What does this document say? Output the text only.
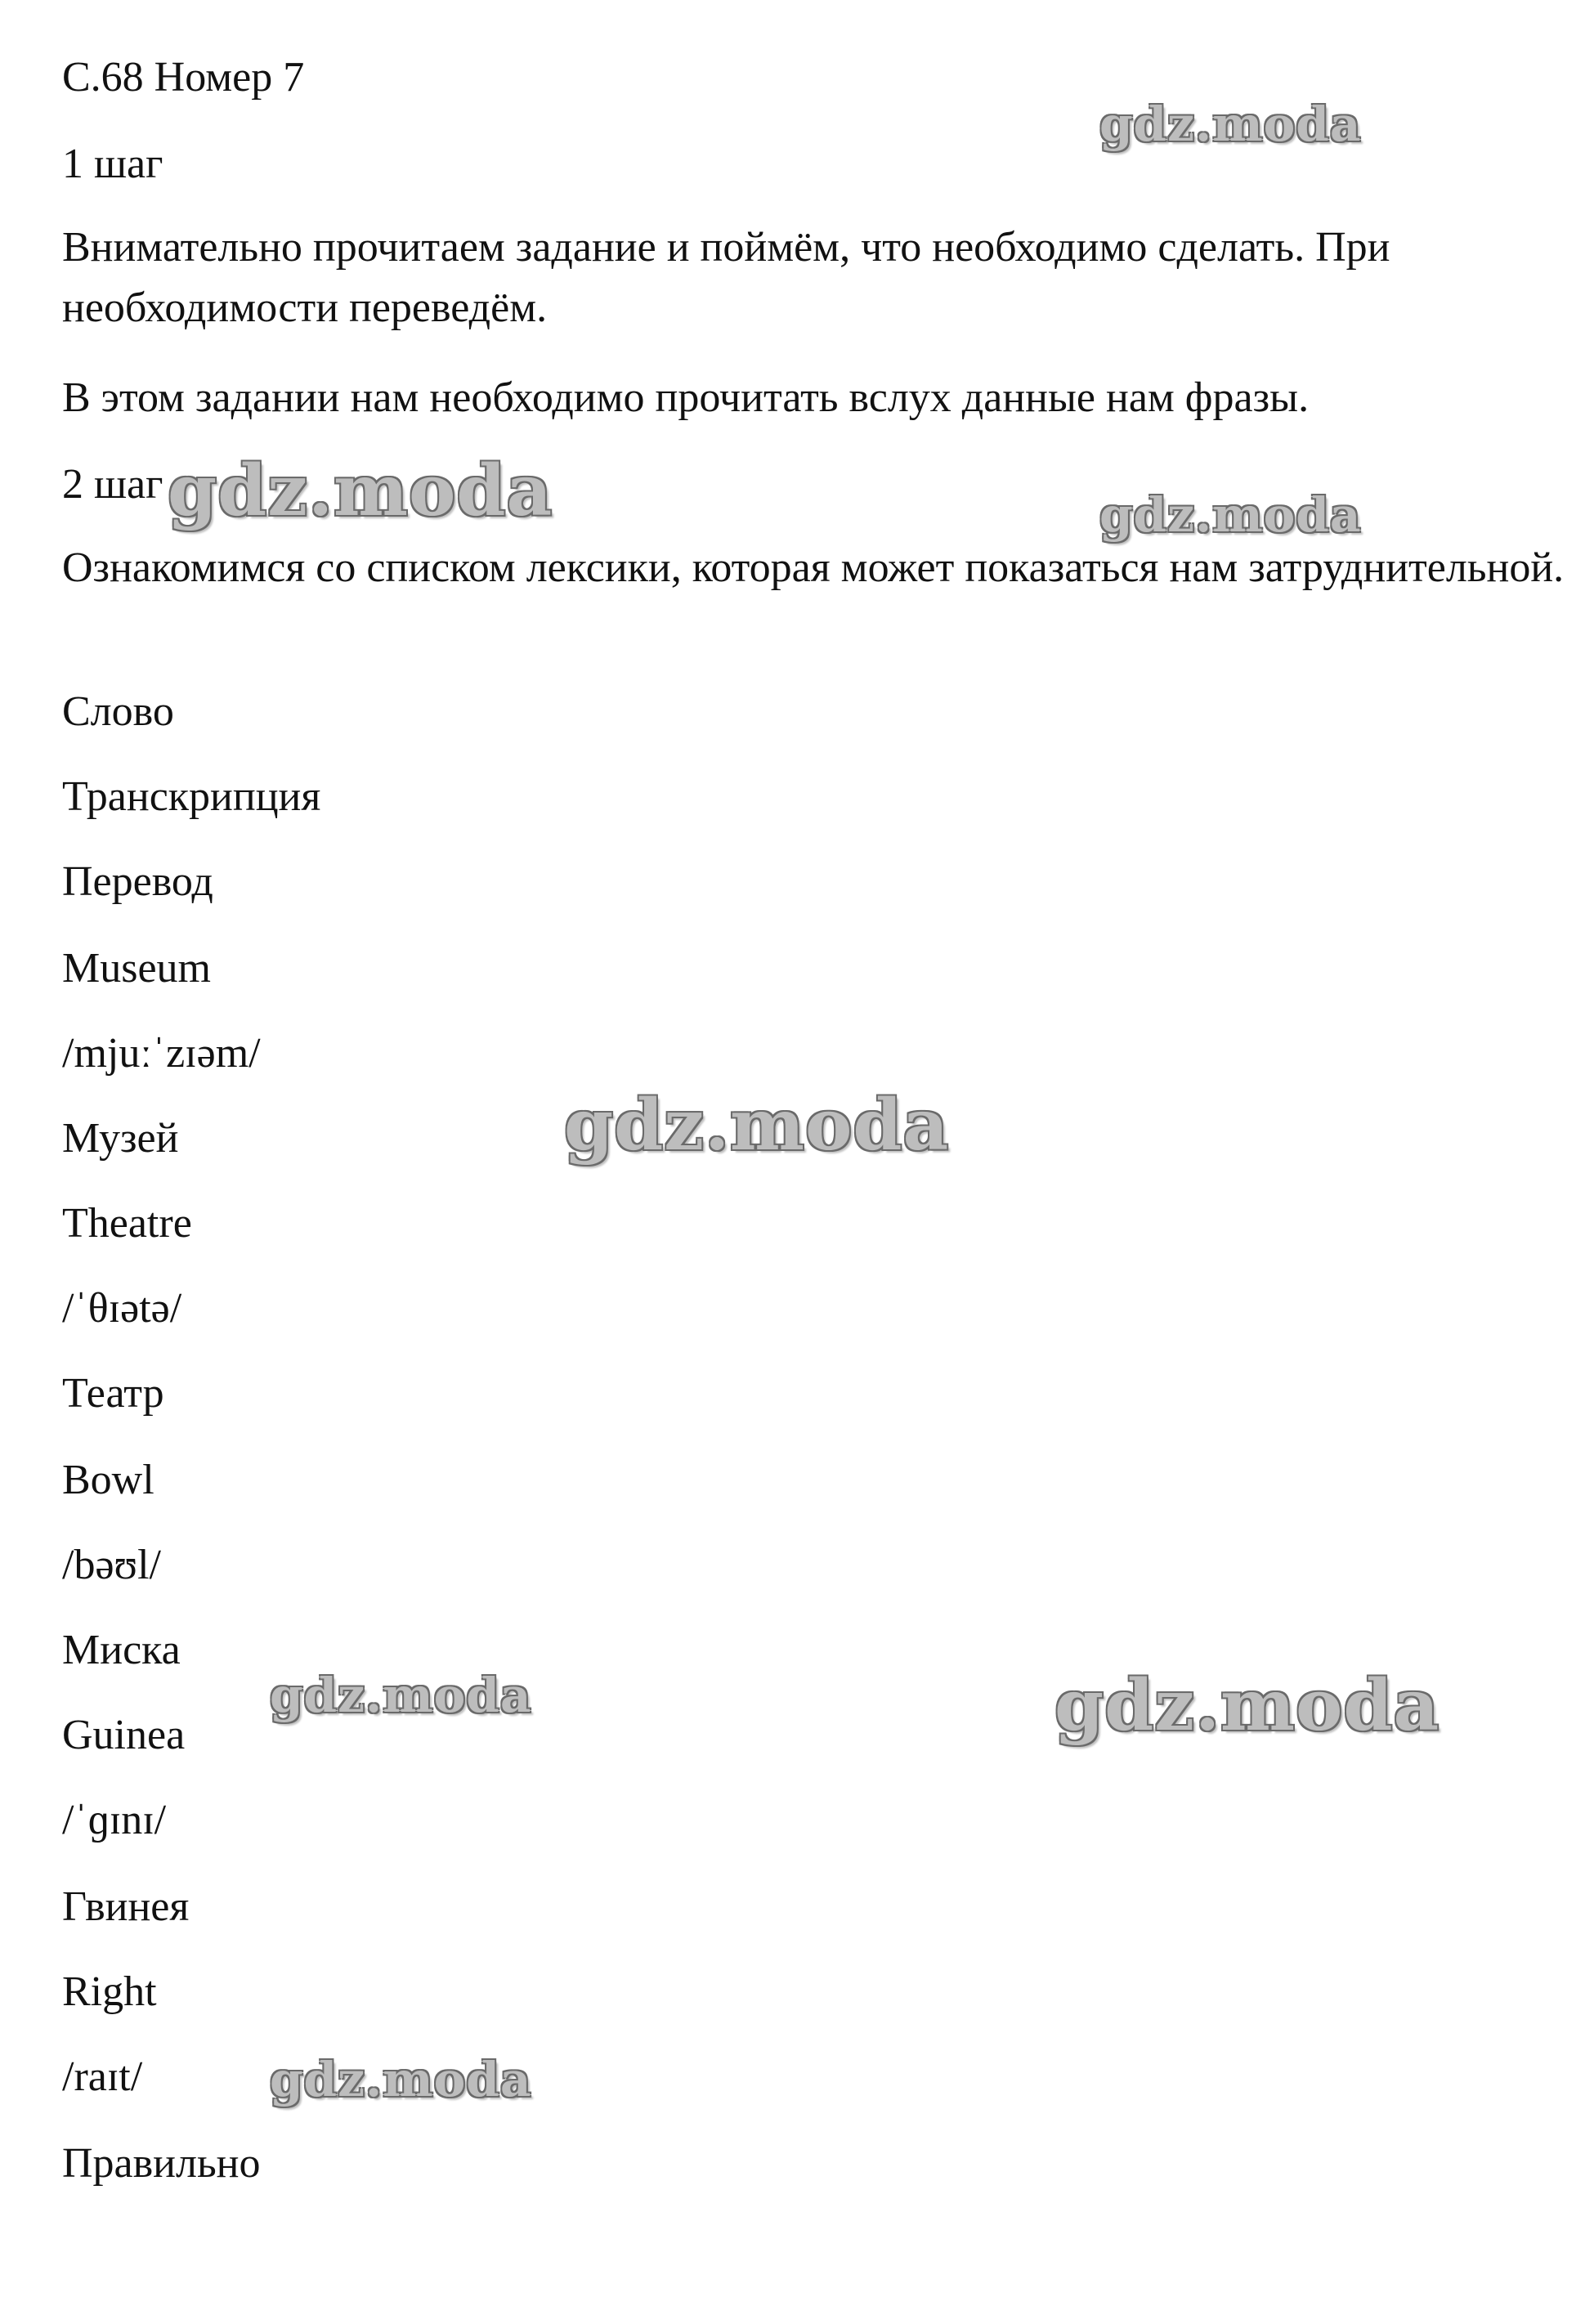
С.68 Номер 7

1 шаг

Внимательно прочитаем задание и поймём, что необходимо сделать. При необходимости переведём.

В этом задании нам необходимо прочитать вслух данные нам фразы.

2 шаг

Ознакомимся со списком лексики, которая может показаться нам затруднительной.

Слово

Транскрипция

Перевод

Museum

/mjuːˈzɪəm/

Музей

Theatre

/ˈθɪətə/

Театр

Bowl

/bəʊl/

Миска

Guinea

/ˈɡɪnɪ/

Гвинея

Right

/raɪt/

Правильно

gdz.moda
gdz.moda	gdz.moda
gdz.moda
gdz.moda	gdz.moda
gdz.moda
